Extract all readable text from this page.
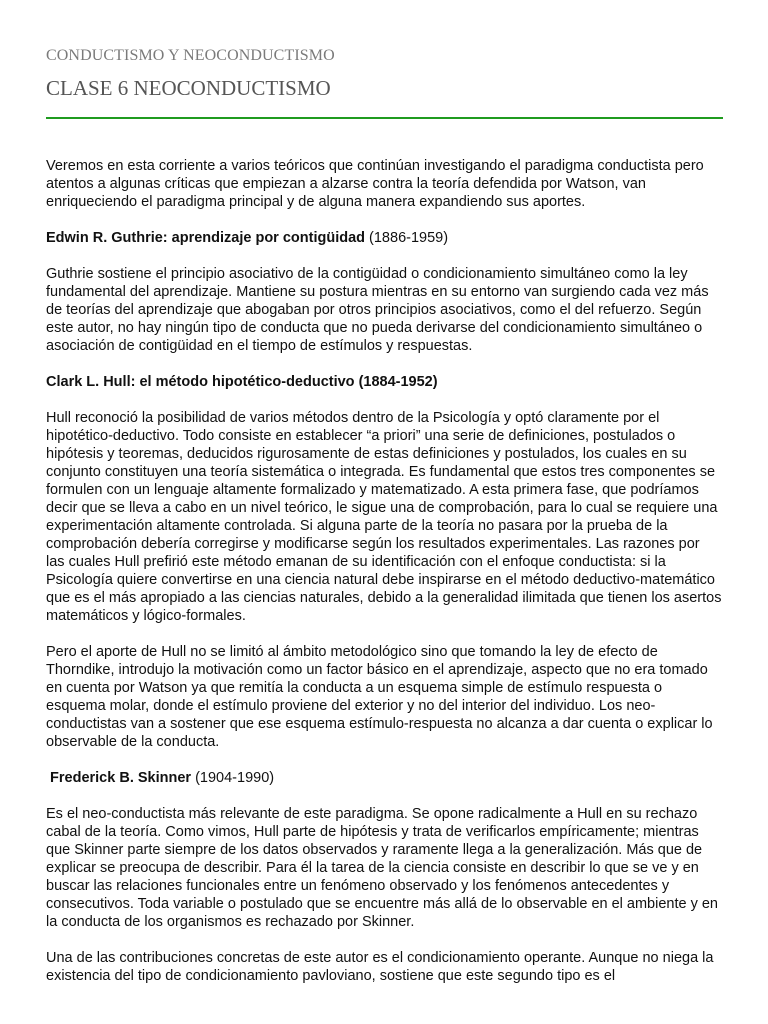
CONDUCTISMO Y NEOCONDUCTISMO

CLASE 6 NEOCONDUCTISMO

Veremos en esta corriente a varios teóricos que continúan investigando el paradigma conductista pero atentos a algunas críticas que empiezan a alzarse contra la teoría defendida por Watson, van enriqueciendo el paradigma principal y de alguna manera expandiendo sus aportes.

Edwin R. Guthrie: aprendizaje por contigüidad (1886-1959)

Guthrie sostiene el principio asociativo de la contigüidad o condicionamiento simultáneo como la ley fundamental del aprendizaje. Mantiene su postura mientras en su entorno van surgiendo cada vez más de teorías del aprendizaje que abogaban por otros principios asociativos, como el del refuerzo. Según este autor, no hay ningún tipo de conducta que no pueda derivarse del condicionamiento simultáneo o asociación de contigüidad en el tiempo de estímulos y respuestas.

Clark L. Hull: el método hipotético-deductivo (1884-1952)

Hull reconoció la posibilidad de varios métodos dentro de la Psicología y optó claramente por el hipotético-deductivo. Todo consiste en establecer “a priori” una serie de definiciones, postulados o hipótesis y teoremas, deducidos rigurosamente de estas definiciones y postulados, los cuales en su conjunto constituyen una teoría sistemática o integrada. Es fundamental que estos tres componentes se formulen con un lenguaje altamente formalizado y matematizado. A esta primera fase, que podríamos decir que se lleva a cabo en un nivel teórico, le sigue una de comprobación, para lo cual se requiere una experimentación altamente controlada. Si alguna parte de la teoría no pasara por la prueba de la comprobación debería corregirse y modificarse según los resultados experimentales. Las razones por las cuales Hull prefirió este método emanan de su identificación con el enfoque conductista: si la Psicología quiere convertirse en una ciencia natural debe inspirarse en el método deductivo-matemático que es el más apropiado a las ciencias naturales, debido a la generalidad ilimitada que tienen los asertos matemáticos y lógico-formales.

Pero el aporte de Hull no se limitó al ámbito metodológico sino que tomando la ley de efecto de Thorndike, introdujo la motivación como un factor básico en el aprendizaje, aspecto que no era tomado en cuenta por Watson ya que remitía la conducta a un esquema simple de estímulo respuesta o esquema molar, donde el estímulo proviene del exterior y no del interior del individuo. Los neo-conductistas van a sostener que ese esquema estímulo-respuesta no alcanza a dar cuenta o explicar lo observable de la conducta.

Frederick B. Skinner (1904-1990)

Es el neo-conductista más relevante de este paradigma. Se opone radicalmente a Hull en su rechazo cabal de la teoría. Como vimos, Hull parte de hipótesis y trata de verificarlos empíricamente; mientras que Skinner parte siempre de los datos observados y raramente llega a la generalización. Más que de explicar se preocupa de describir. Para él la tarea de la ciencia consiste en describir lo que se ve y en buscar las relaciones funcionales entre un fenómeno observado y los fenómenos antecedentes y consecutivos. Toda variable o postulado que se encuentre más allá de lo observable en el ambiente y en la conducta de los organismos es rechazado por Skinner.

Una de las contribuciones concretas de este autor es el condicionamiento operante. Aunque no niega la existencia del tipo de condicionamiento pavloviano, sostiene que este segundo tipo es el
